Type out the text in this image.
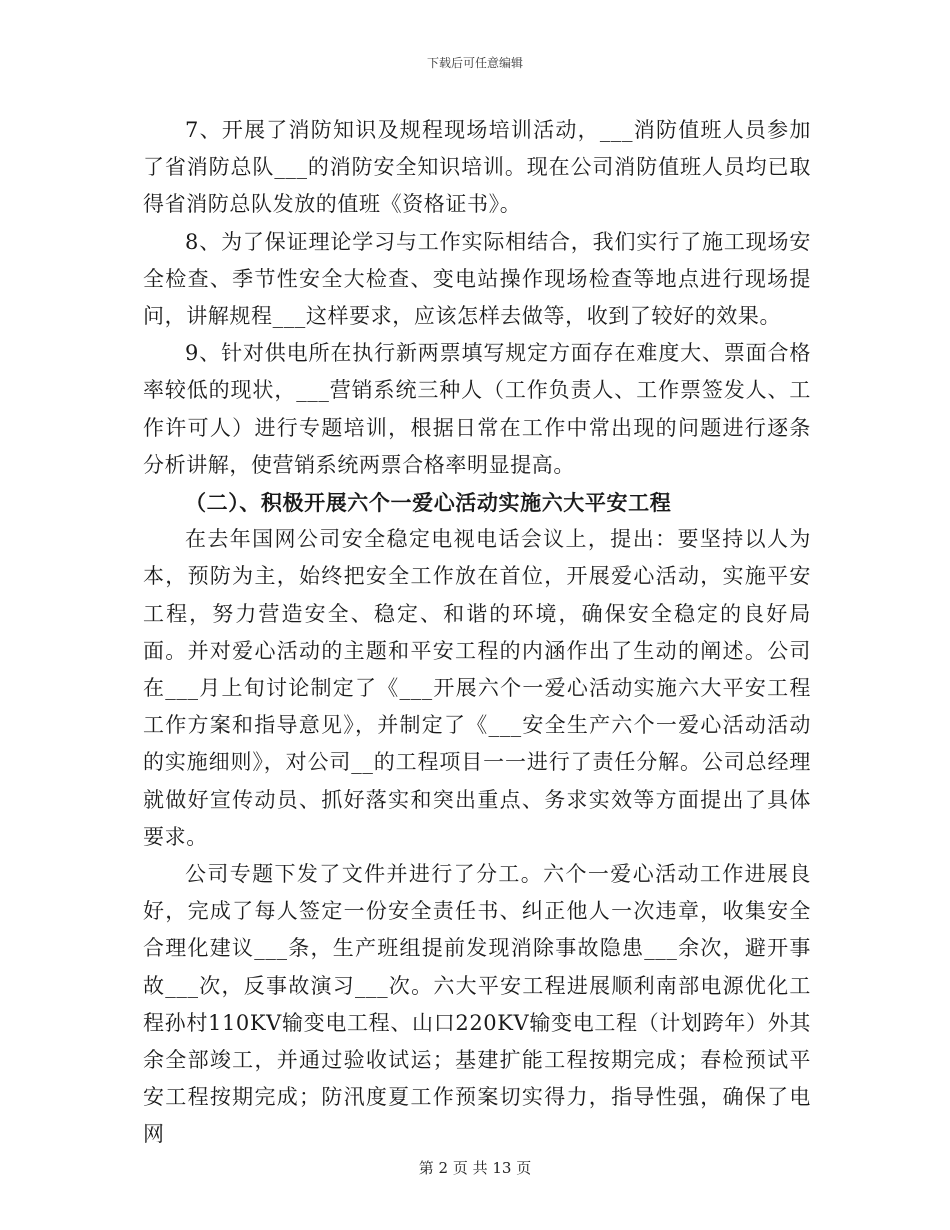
下载后可任意编辑

7、开展了消防知识及规程现场培训活动，___消防值班人员参加了省消防总队___的消防安全知识培训。现在公司消防值班人员均已取得省消防总队发放的值班《资格证书》。

8、为了保证理论学习与工作实际相结合，我们实行了施工现场安全检查、季节性安全大检查、变电站操作现场检查等地点进行现场提问，讲解规程___这样要求，应该怎样去做等，收到了较好的效果。

9、针对供电所在执行新两票填写规定方面存在难度大、票面合格率较低的现状，___营销系统三种人（工作负责人、工作票签发人、工作许可人）进行专题培训，根据日常在工作中常出现的问题进行逐条分析讲解，使营销系统两票合格率明显提高。

（二）、积极开展六个一爱心活动实施六大平安工程

在去年国网公司安全稳定电视电话会议上，提出：要坚持以人为本，预防为主，始终把安全工作放在首位，开展爱心活动，实施平安工程，努力营造安全、稳定、和谐的环境，确保安全稳定的良好局面。并对爱心活动的主题和平安工程的内涵作出了生动的阐述。公司在___月上旬讨论制定了《___开展六个一爱心活动实施六大平安工程工作方案和指导意见》，并制定了《___安全生产六个一爱心活动活动的实施细则》，对公司__的工程项目一一进行了责任分解。公司总经理就做好宣传动员、抓好落实和突出重点、务求实效等方面提出了具体要求。

公司专题下发了文件并进行了分工。六个一爱心活动工作进展良好，完成了每人签定一份安全责任书、纠正他人一次违章，收集安全合理化建议___条，生产班组提前发现消除事故隐患___余次，避开事故___次，反事故演习___次。六大平安工程进展顺利南部电源优化工程孙村110KV输变电工程、山口220KV输变电工程（计划跨年）外其余全部竣工，并通过验收试运；基建扩能工程按期完成；春检预试平安工程按期完成；防汛度夏工作预案切实得力，指导性强，确保了电网

第 2 页 共 13 页
